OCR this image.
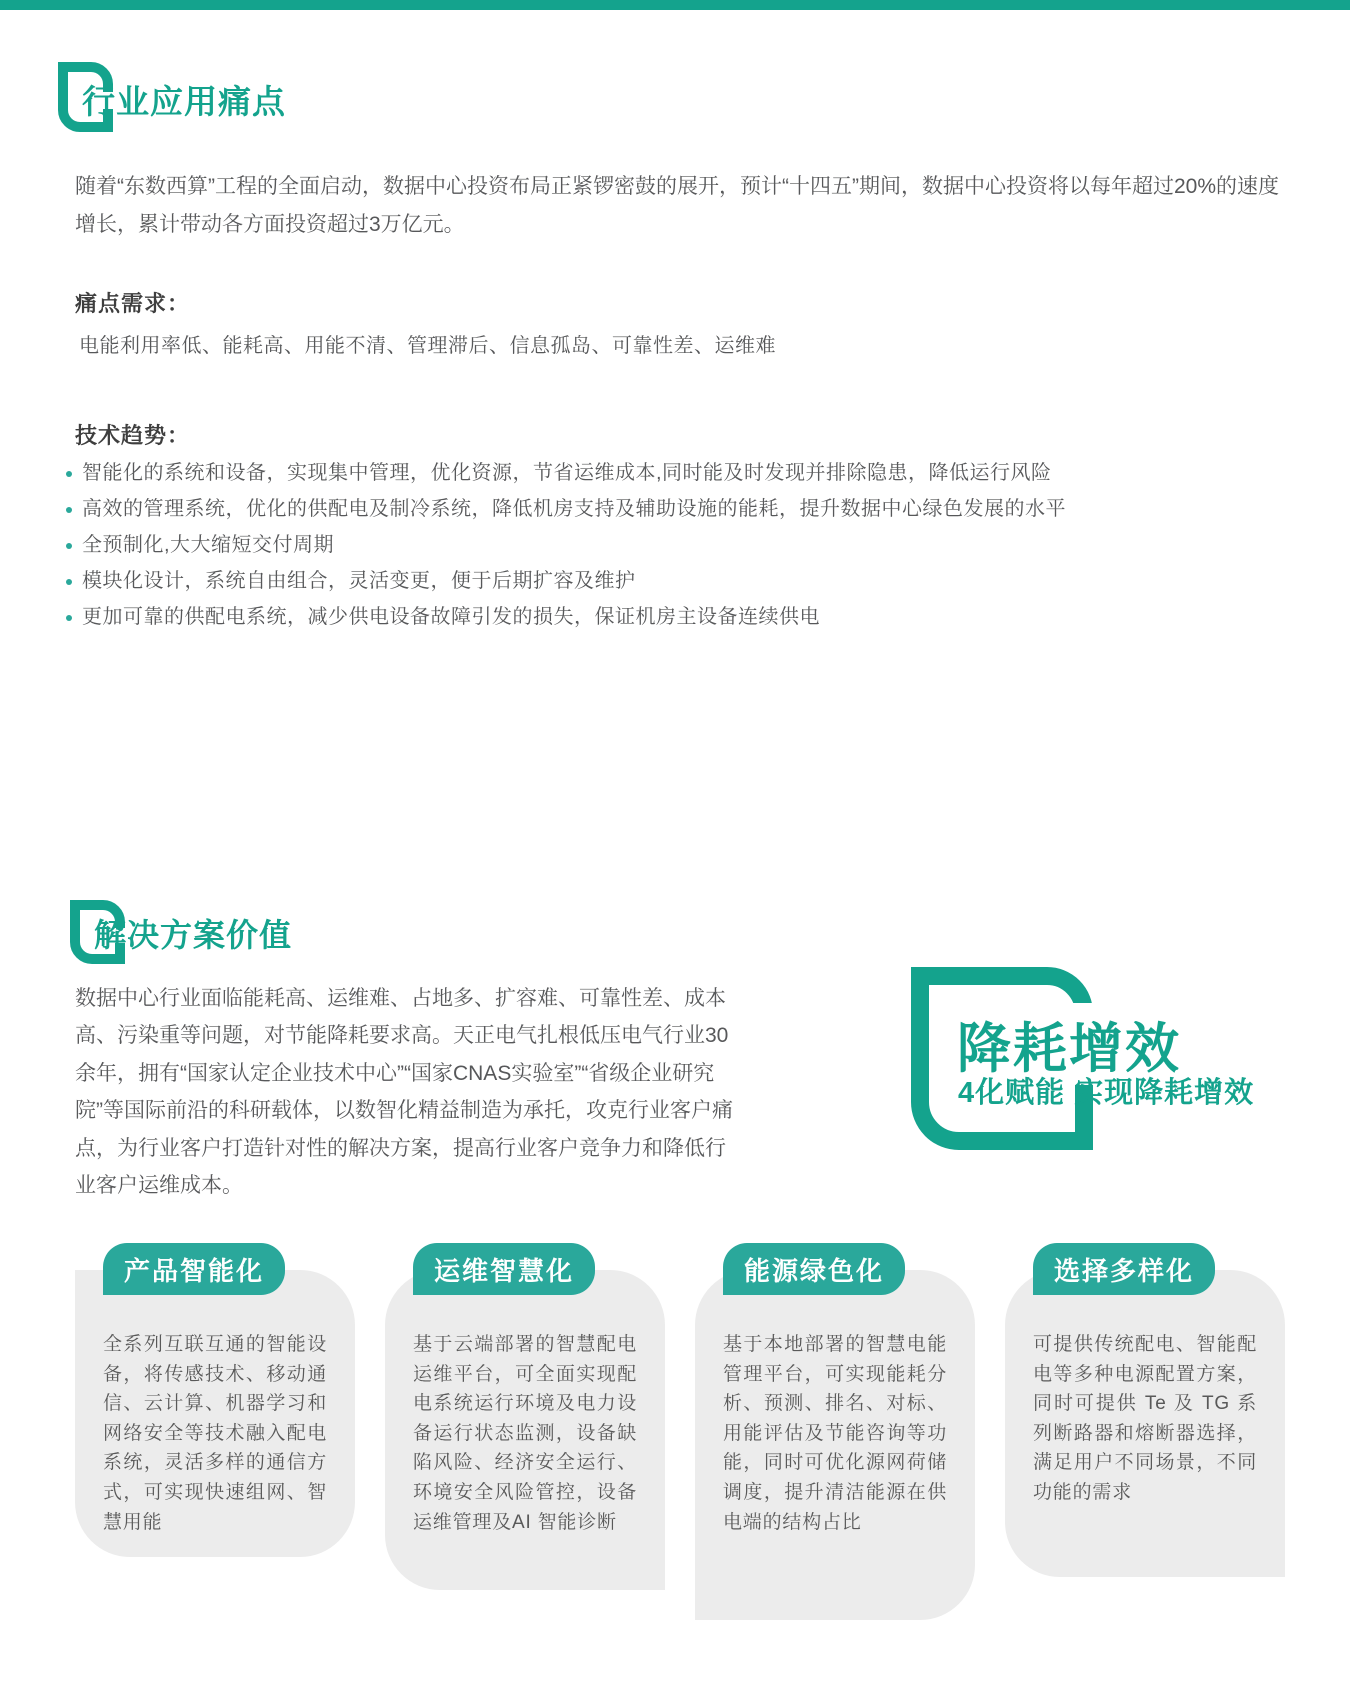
行业应用痛点
随着“东数西算”工程的全面启动，数据中心投资布局正紧锣密鼓的展开，预计“十四五”期间，数据中心投资将以每年超过20%的速度增长，累计带动各方面投资超过3万亿元。
痛点需求：
电能利用率低、能耗高、用能不清、管理滞后、信息孤岛、可靠性差、运维难
技术趋势：
智能化的系统和设备，实现集中管理，优化资源，节省运维成本,同时能及时发现并排除隐患，降低运行风险
高效的管理系统，优化的供配电及制冷系统，降低机房支持及辅助设施的能耗，提升数据中心绿色发展的水平
全预制化,大大缩短交付周期
模块化设计，系统自由组合，灵活变更，便于后期扩容及维护
更加可靠的供配电系统，减少供电设备故障引发的损失，保证机房主设备连续供电
解决方案价值
数据中心行业面临能耗高、运维难、占地多、扩容难、可靠性差、成本高、污染重等问题，对节能降耗要求高。天正电气扎根低压电气行业30余年，拥有“国家认定企业技术中心”“国家CNAS实验室”“省级企业研究院”等国际前沿的科研载体，以数智化精益制造为承托，攻克行业客户痛点，为行业客户打造针对性的解决方案，提高行业客户竞争力和降低行业客户运维成本。
降耗增效
4化赋能 实现降耗增效
产品智能化
全系列互联互通的智能设备，将传感技术、移动通信、云计算、机器学习和网络安全等技术融入配电系统，灵活多样的通信方式，可实现快速组网、智慧用能
运维智慧化
基于云端部署的智慧配电运维平台，可全面实现配电系统运行环境及电力设备运行状态监测，设备缺陷风险、经济安全运行、环境安全风险管控，设备运维管理及AI 智能诊断
能源绿色化
基于本地部署的智慧电能管理平台，可实现能耗分析、预测、排名、对标、用能评估及节能咨询等功能，同时可优化源网荷储调度，提升清洁能源在供电端的结构占比
选择多样化
可提供传统配电、智能配电等多种电源配置方案，同时可提供 Te 及 TG 系列断路器和熔断器选择，满足用户不同场景，不同功能的需求
